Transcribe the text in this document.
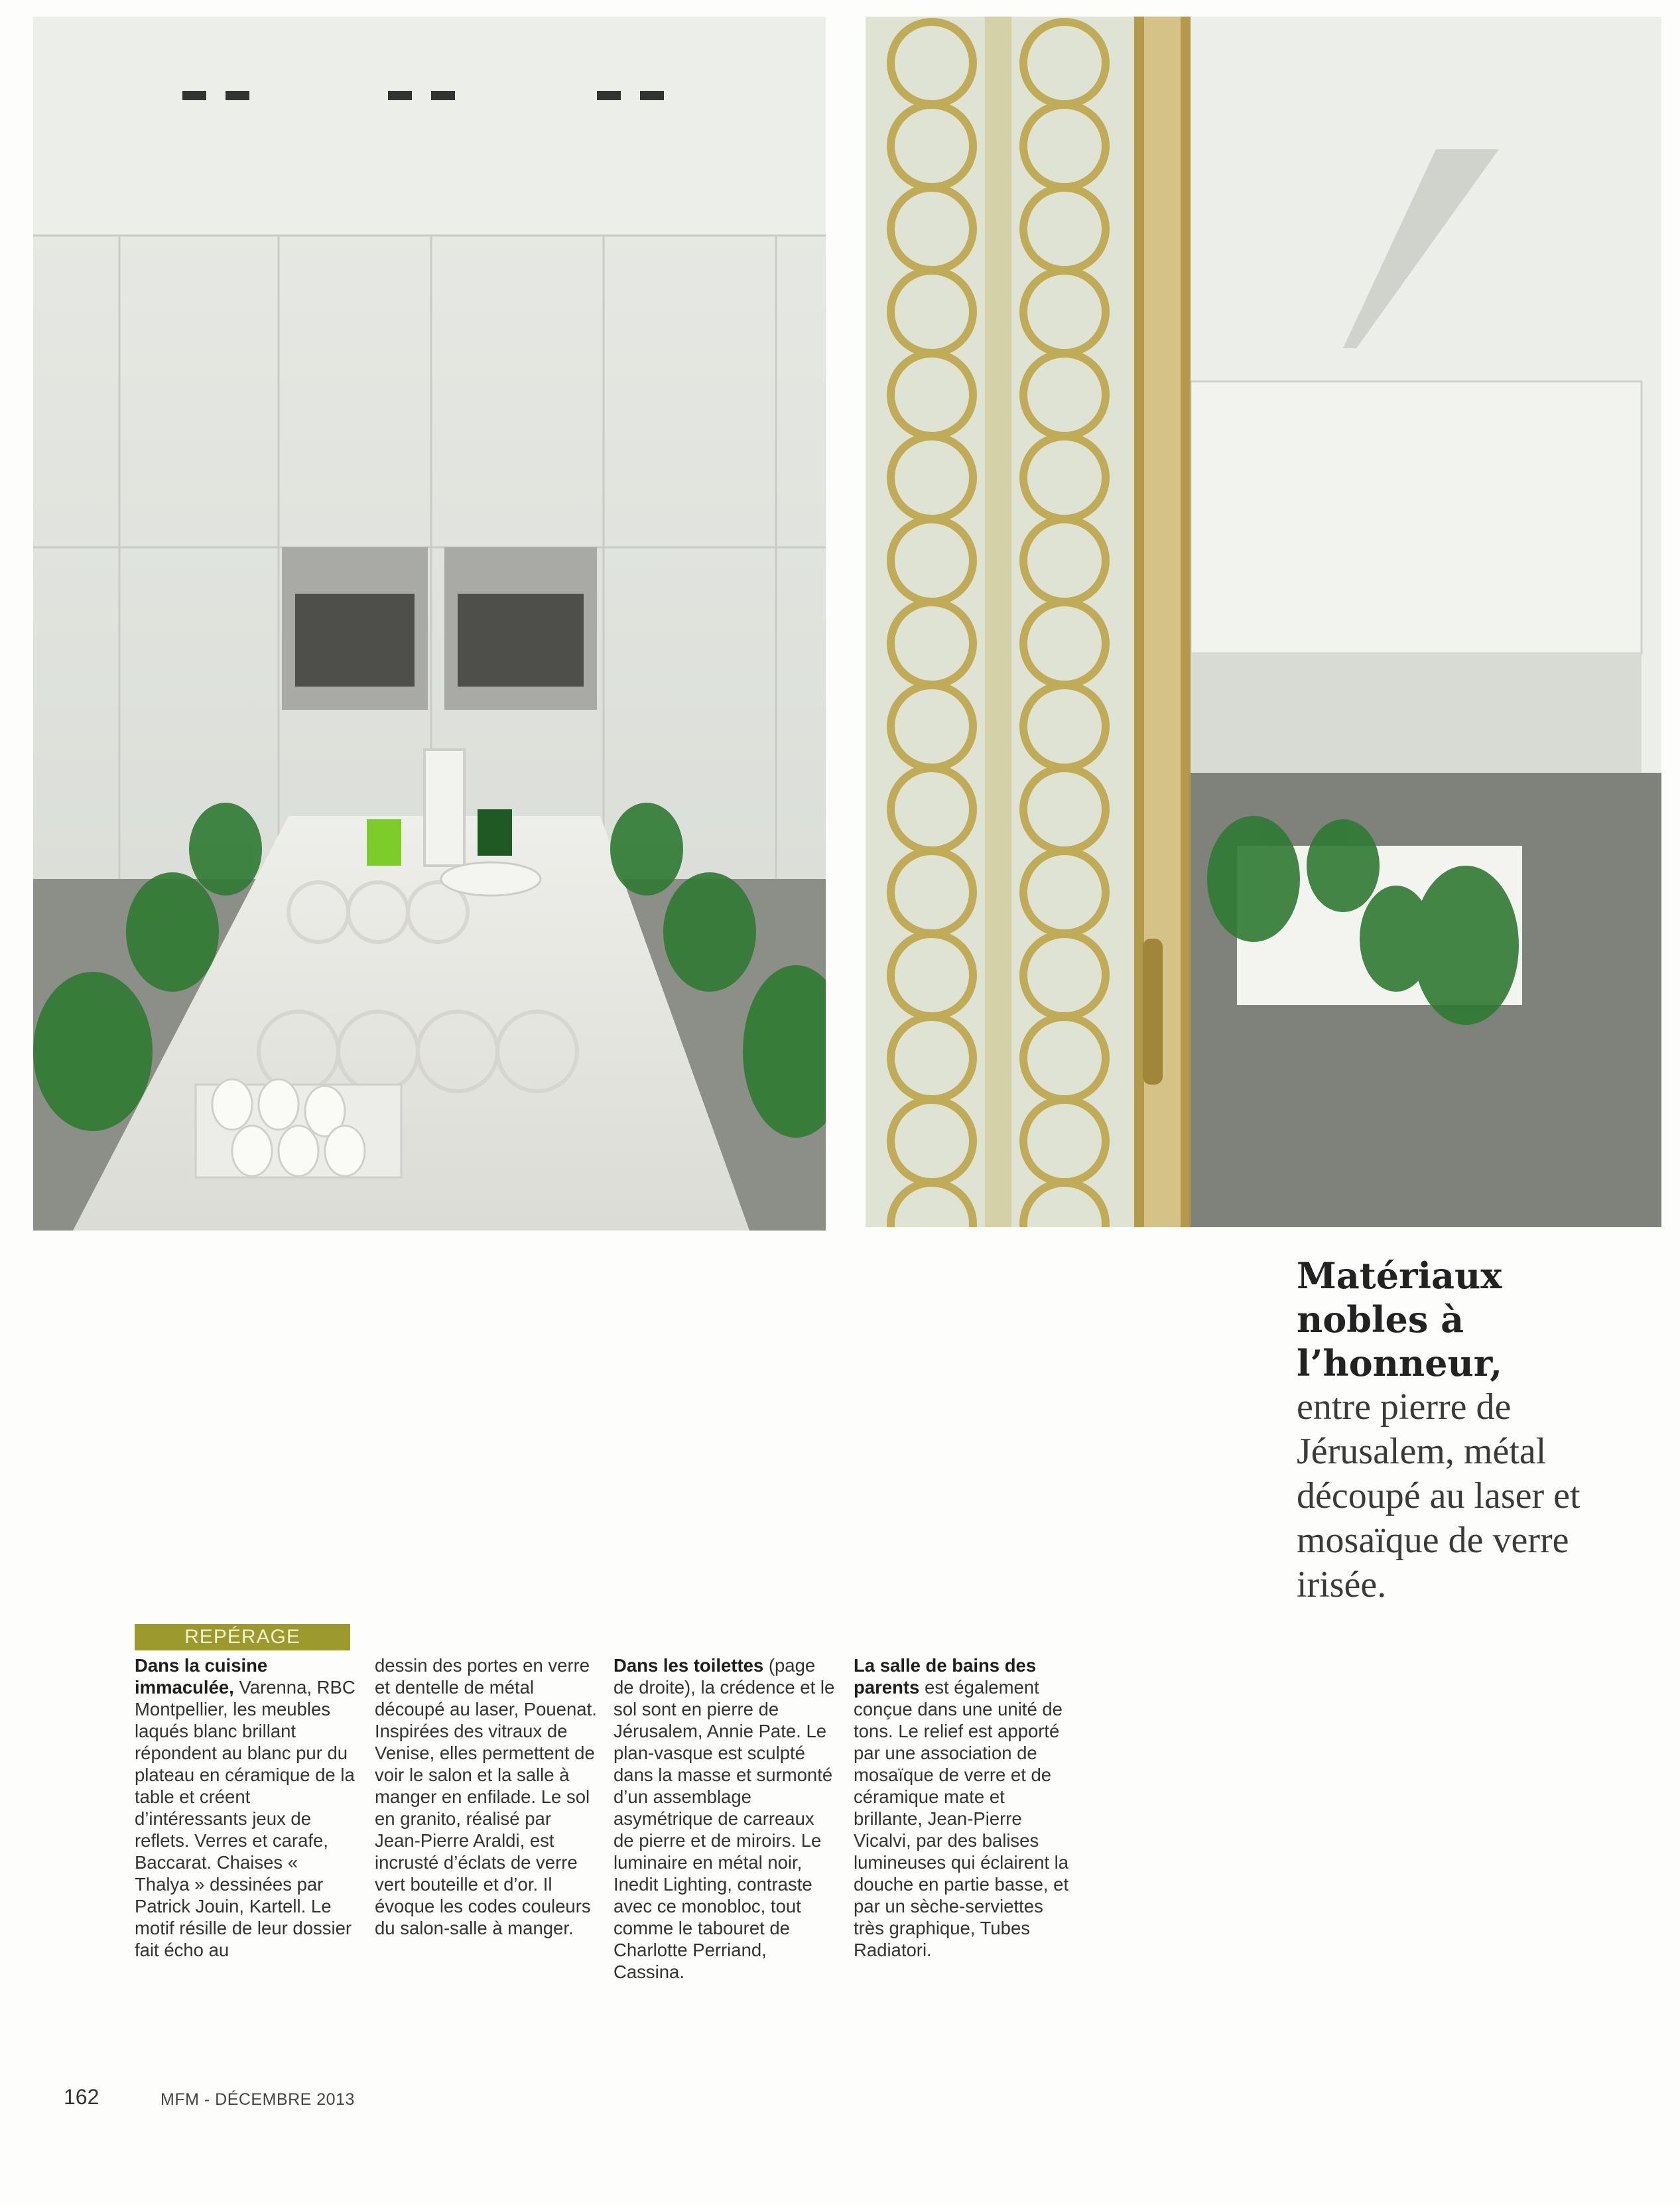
Matériaux nobles à l’honneur,
entre pierre de Jérusalem, métal découpé au laser et mosaïque de verre irisée.
REPÉRAGE
Dans la cuisine immaculée, Varenna, RBC Montpellier, les meubles laqués blanc brillant répondent au blanc pur du plateau en céramique de la table et créent d’intéressants jeux de reflets. Verres et carafe, Baccarat. Chaises « Thalya » dessinées par Patrick Jouin, Kartell. Le motif résille de leur dossier fait écho au
dessin des portes en verre et dentelle de métal découpé au laser, Pouenat. Inspirées des vitraux de Venise, elles permettent de voir le salon et la salle à manger en enfilade. Le sol en granito, réalisé par Jean-Pierre Araldi, est incrusté d’éclats de verre vert bouteille et d’or. Il évoque les codes couleurs du salon-salle à manger.
Dans les toilettes (page de droite), la crédence et le sol sont en pierre de Jérusalem, Annie Pate. Le plan-vasque est sculpté dans la masse et surmonté d’un assemblage asymétrique de carreaux de pierre et de miroirs. Le luminaire en métal noir, Inedit Lighting, contraste avec ce monobloc, tout comme le tabouret de Charlotte Perriand, Cassina.
La salle de bains des parents est également conçue dans une unité de tons. Le relief est apporté par une association de mosaïque de verre et de céramique mate et brillante, Jean-Pierre Vicalvi, par des balises lumineuses qui éclairent la douche en partie basse, et par un sèche-serviettes très graphique, Tubes Radiatori.
162	MFM - DÉCEMBRE 2013
